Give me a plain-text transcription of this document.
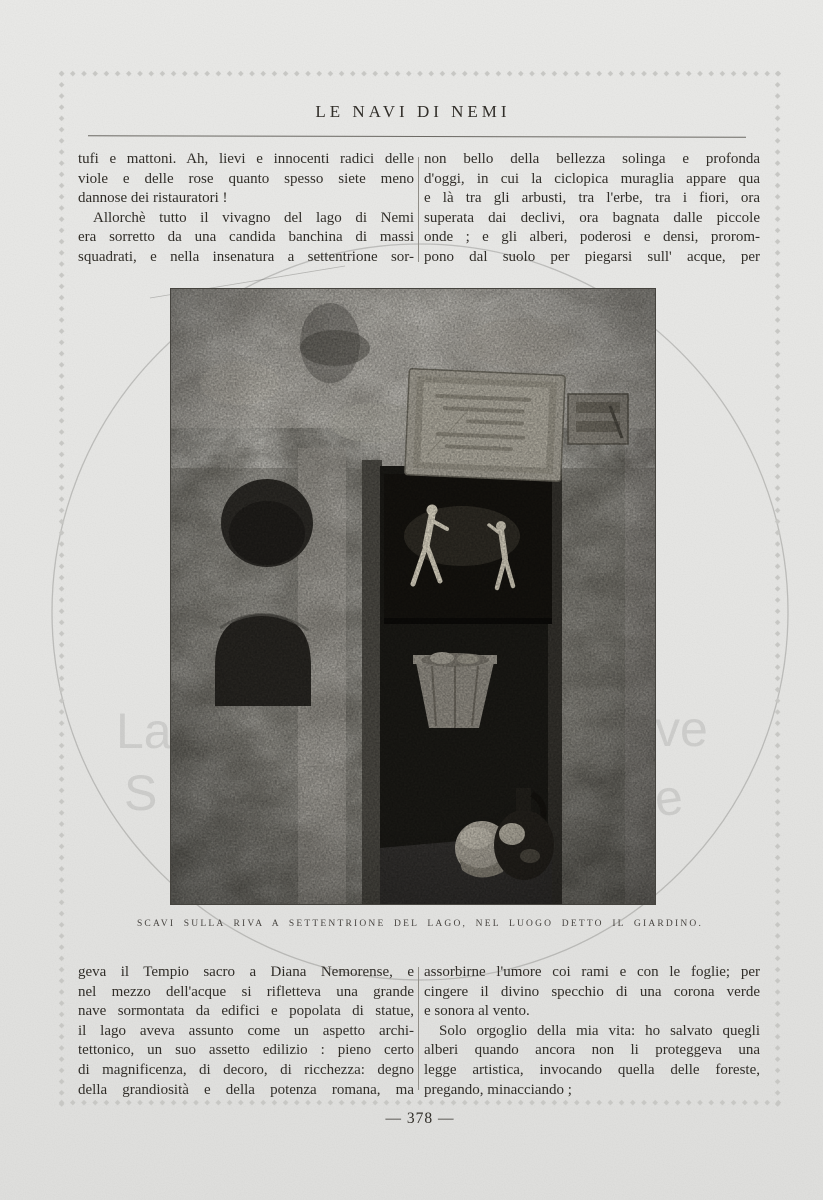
La	ve
S	re
LE NAVI DI NEMI
tufi e mattoni. Ah, lievi e innocenti radici delle
viole e delle rose quanto spesso siete meno
dannose dei ristauratori !
Allorchè tutto il vivagno del lago di Nemi
era sorretto da una candida banchina di massi
squadrati, e nella insenatura a settentrione sor-
non bello della bellezza solinga e profonda
d'oggi, in cui la ciclopica muraglia appare qua
e là tra gli arbusti, tra l'erbe, tra i fiori, ora
superata dai declivi, ora bagnata dalle piccole
onde ; e gli alberi, poderosi e densi, prorom-
pono dal suolo per piegarsi sull' acque, per
SCAVI SULLA RIVA A SETTENTRIONE DEL LAGO, NEL LUOGO DETTO IL GIARDINO.
geva il Tempio sacro a Diana Nemorense, e
nel mezzo dell'acque si rifletteva una grande
nave sormontata da edifici e popolata di statue,
il lago aveva assunto come un aspetto archi-
tettonico, un suo assetto edilizio : pieno certo
di magnificenza, di decoro, di ricchezza: degno
della grandiosità e della potenza romana, ma
assorbirne l'umore coi rami e con le foglie; per
cingere il divino specchio di una corona verde
e sonora al vento.
Solo orgoglio della mia vita: ho salvato quegli
alberi quando ancora non li proteggeva una
legge artistica, invocando quella delle foreste,
pregando, minacciando ;
— 378 —
